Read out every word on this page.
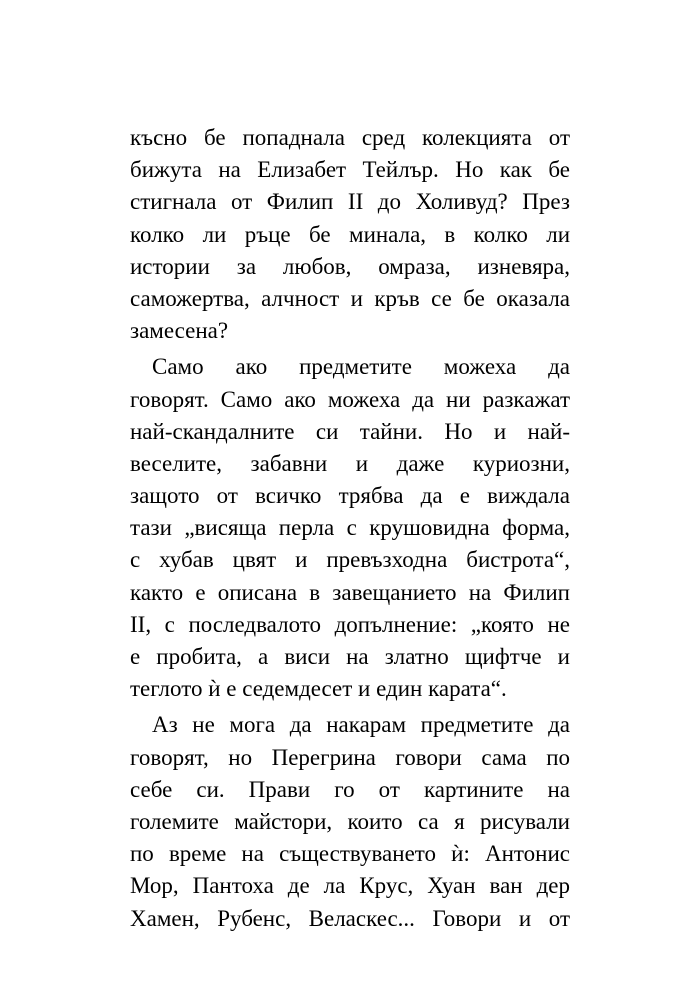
късно бе попаднала сред колекцията от
бижута на Елизабет Тейлър. Но как бе
стигнала от Филип II до Холивуд? През
колко ли ръце бе минала, в колко ли
истории за любов, омраза, изневяра,
саможертва, алчност и кръв се бе оказала
замесена?
Само ако предметите можеха да
говорят. Само ако можеха да ни разкажат
най-скандалните си тайни. Но и най-
веселите, забавни и даже куриозни,
защото от всичко трябва да е виждала
тази „висяща перла с крушовидна форма,
с хубав цвят и превъзходна бистрота“,
както е описана в завещанието на Филип
II, с последвалото допълнение: „която не
е пробита, а виси на златно щифтче и
теглото ѝ е седемдесет и един карата“.
Аз не мога да накарам предметите да
говорят, но Перегрина говори сама по
себе си. Прави го от картините на
големите майстори, които са я рисували
по време на съществуването ѝ: Антонис
Мор, Пантоха де ла Крус, Хуан ван дер
Хамен, Рубенс, Веласкес... Говори и от
